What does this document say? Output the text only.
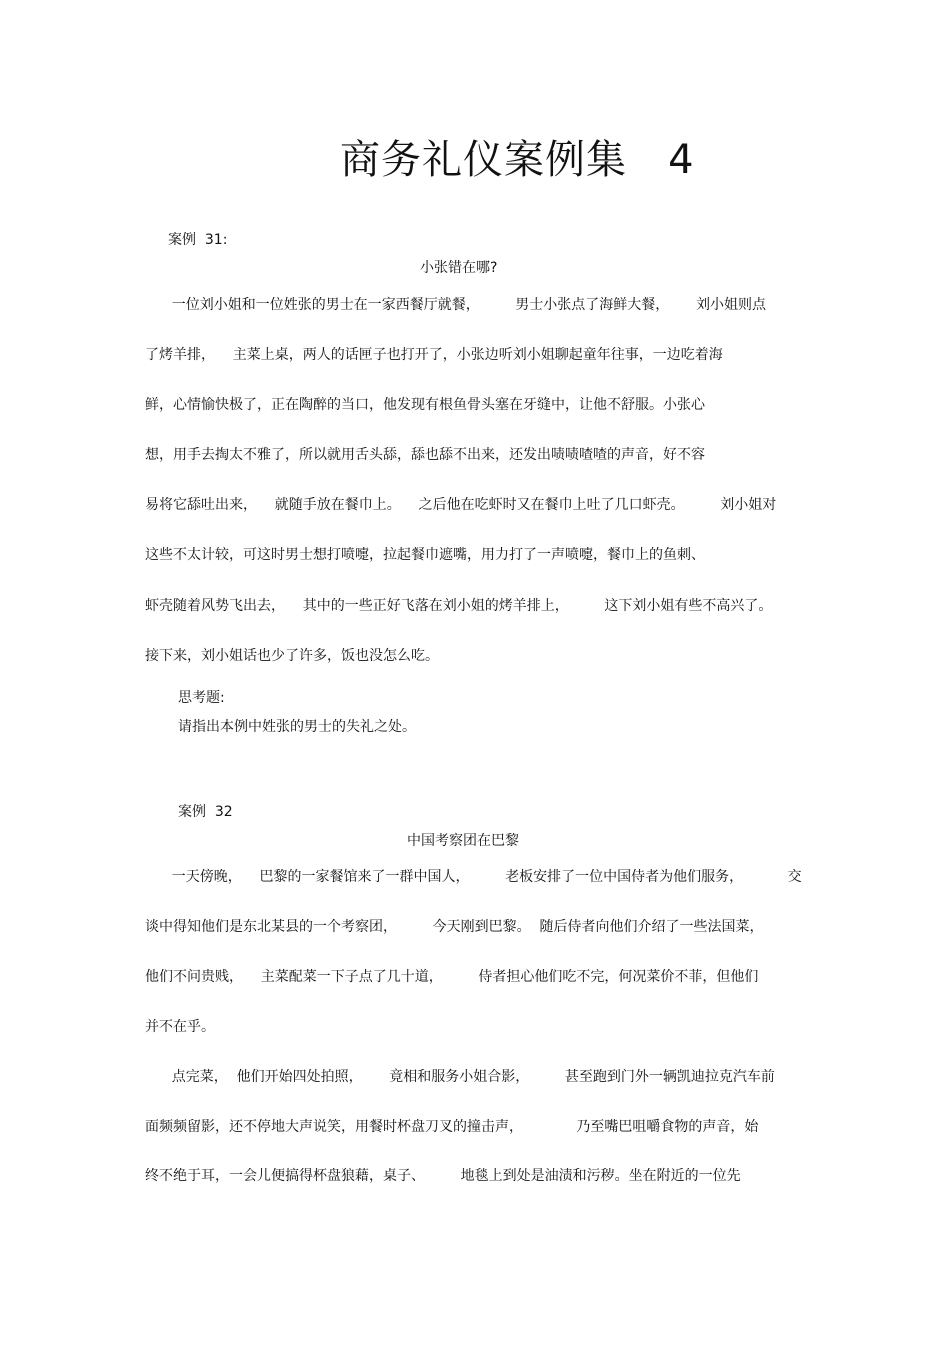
商务礼仪案例集   4
案例  31:
小张错在哪?
一位刘小姐和一位姓张的男士在一家西餐厅就餐，        男士小张点了海鲜大餐，      刘小姐则点
了烤羊排，    主菜上桌，两人的话匣子也打开了，小张边听刘小姐聊起童年往事，一边吃着海
鲜，心情愉快极了，正在陶醉的当口，他发现有根鱼骨头塞在牙缝中，让他不舒服。小张心
想，用手去掏太不雅了，所以就用舌头舔，舔也舔不出来，还发出啧啧喳喳的声音，好不容
易将它舔吐出来，    就随手放在餐巾上。    之后他在吃虾时又在餐巾上吐了几口虾壳。        刘小姐对
这些不太计较，可这时男士想打喷嚏，拉起餐巾遮嘴，用力打了一声喷嚏，餐巾上的鱼刺、
虾壳随着风势飞出去，    其中的一些正好飞落在刘小姐的烤羊排上，        这下刘小姐有些不高兴了。
接下来，刘小姐话也少了许多，饭也没怎么吃。
思考题:
请指出本例中姓张的男士的失礼之处。
案例  32
中国考察团在巴黎
一天傍晚，    巴黎的一家餐馆来了一群中国人，        老板安排了一位中国侍者为他们服务，          交
谈中得知他们是东北某县的一个考察团，        今天刚到巴黎。  随后侍者向他们介绍了一些法国菜，
他们不问贵贱，    主菜配菜一下子点了几十道，        侍者担心他们吃不完，何况菜价不菲，但他们
并不在乎。
点完菜，  他们开始四处拍照，      竟相和服务小姐合影，        甚至跑到门外一辆凯迪拉克汽车前
面频频留影，还不停地大声说笑，用餐时杯盘刀叉的撞击声，            乃至嘴巴咀嚼食物的声音，始
终不绝于耳，一会儿便搞得杯盘狼藉，桌子、        地毯上到处是油渍和污秽。坐在附近的一位先
